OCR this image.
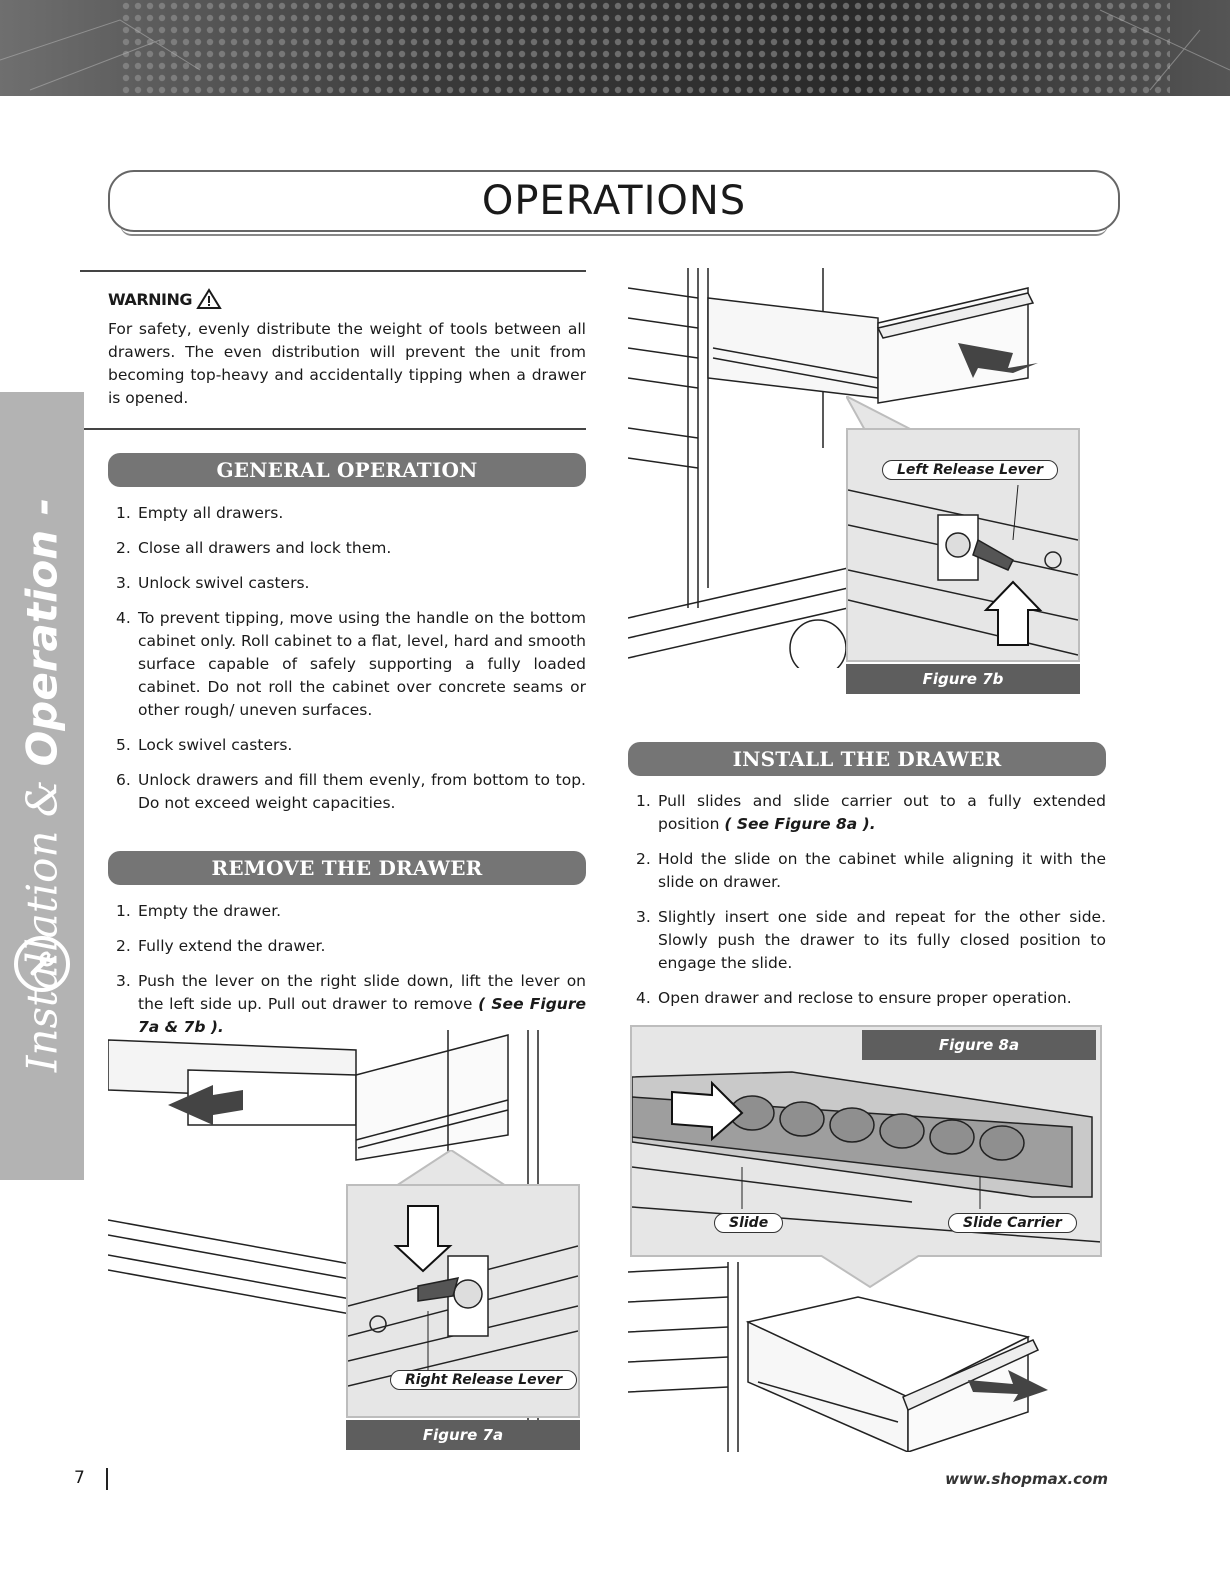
OPERATIONS
Installation & Operation -
WARNING
For safety, evenly distribute the weight of tools between all drawers. The even distribution will prevent the unit from becoming top-heavy and accidentally tipping when a drawer is opened.
GENERAL OPERATION
1. Empty all drawers.
2. Close all drawers and lock them.
3. Unlock swivel casters.
4. To prevent tipping, move using the handle on the bottom cabinet only. Roll cabinet to a flat, level, hard and smooth surface capable of safely supporting a fully loaded cabinet. Do not roll the cabinet over concrete seams or other rough/ uneven surfaces.
5. Lock swivel casters.
6. Unlock drawers and fill them evenly, from bottom to top. Do not exceed weight capacities.
REMOVE THE DRAWER
1. Empty the drawer.
2. Fully extend the drawer.
3. Push the lever on the right slide down, lift the lever on the left side up. Pull out drawer to remove ( See Figure 7a & 7b ).
Right Release Lever
Figure 7a
Left Release Lever
Figure 7b
INSTALL THE DRAWER
1. Pull slides and slide carrier out to a fully extended position ( See Figure 8a ).
2. Hold the slide on the cabinet while aligning it with the slide on drawer.
3. Slightly insert one side and repeat for the other side. Slowly push the drawer to its fully closed position to engage the slide.
4. Open drawer and reclose to ensure proper operation.
Slide	Slide Carrier
Figure 8a
7	www.shopmax.com
